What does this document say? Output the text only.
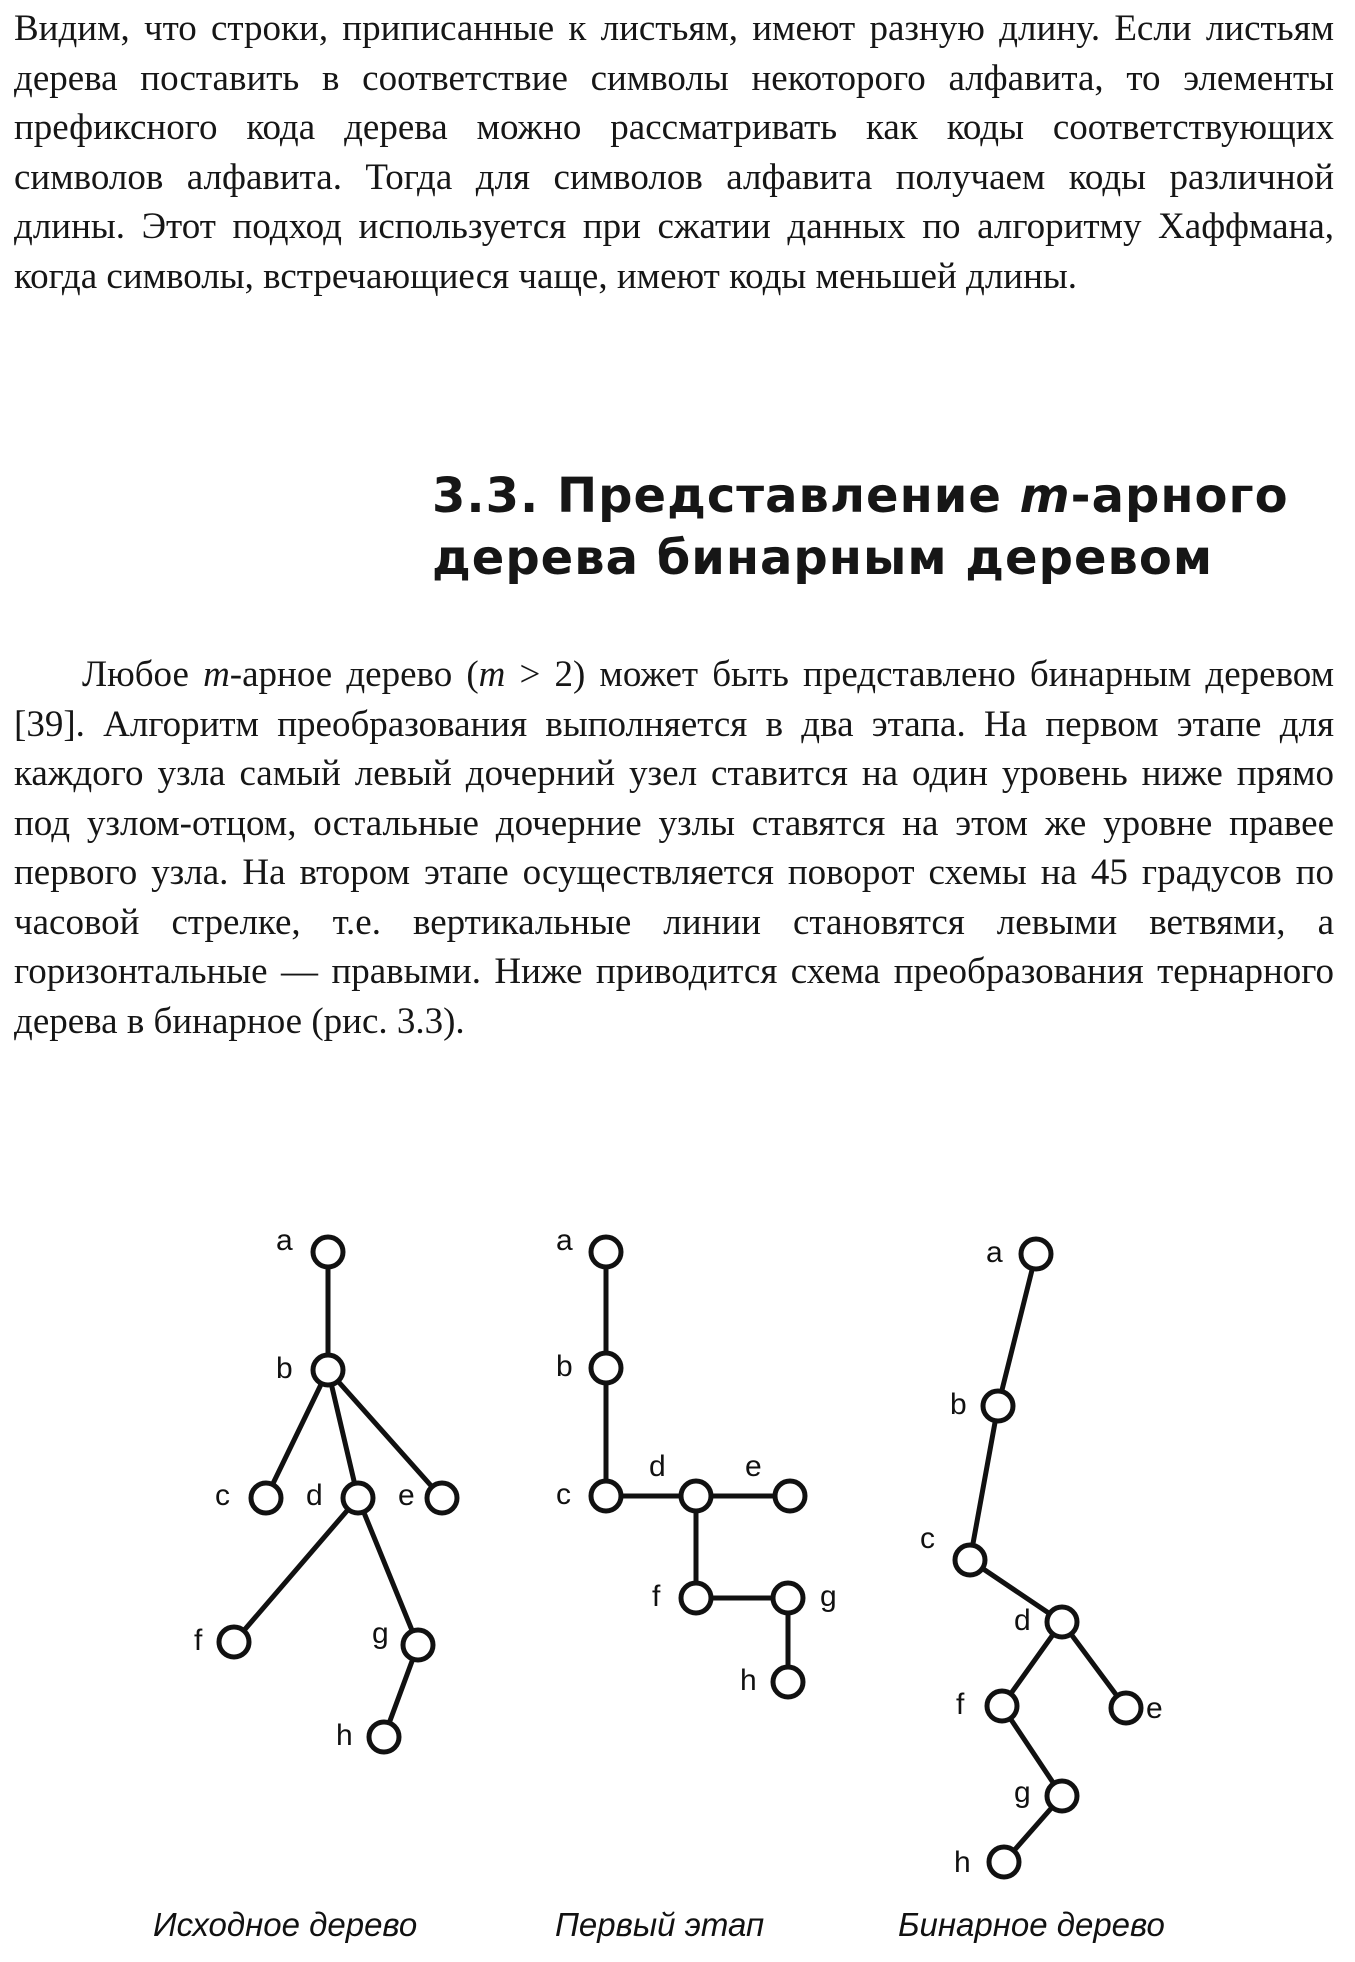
Видим, что строки, приписанные к листьям, имеют разную длину. Если листьям дерева поставить в соответствие символы некоторого алфавита, то элементы префиксного кода дерева можно рассматривать как коды соответствующих символов алфавита. Тогда для символов алфавита получаем коды различной длины. Этот подход используется при сжатии данных по алгоритму Хаффмана, когда символы, встречающиеся чаще, имеют коды меньшей длины.

3.3. Представление m-арного
дерева бинарным деревом

Любое m-арное дерево (m > 2) может быть представлено бинарным деревом [39]. Алгоритм преобразования выполняется в два этапа. На первом этапе для каждого узла самый левый дочерний узел ставится на один уровень ниже прямо под узлом-отцом, остальные дочерние узлы ставятся на этом же уровне правее первого узла. На втором этапе осуществляется поворот схемы на 45 градусов по часовой стрелке, т.е. вертикальные линии становятся левыми ветвями, а горизонтальные — правыми. Ниже приводится схема преобразования тернарного дерева в бинарное (рис. 3.3).

a
b
c	d	e
f	g
h
Исходное дерево
a
b
c
d	e
f	g
h
Первый этап
a
b
c
d
e
f
g
h
Бинарное дерево
